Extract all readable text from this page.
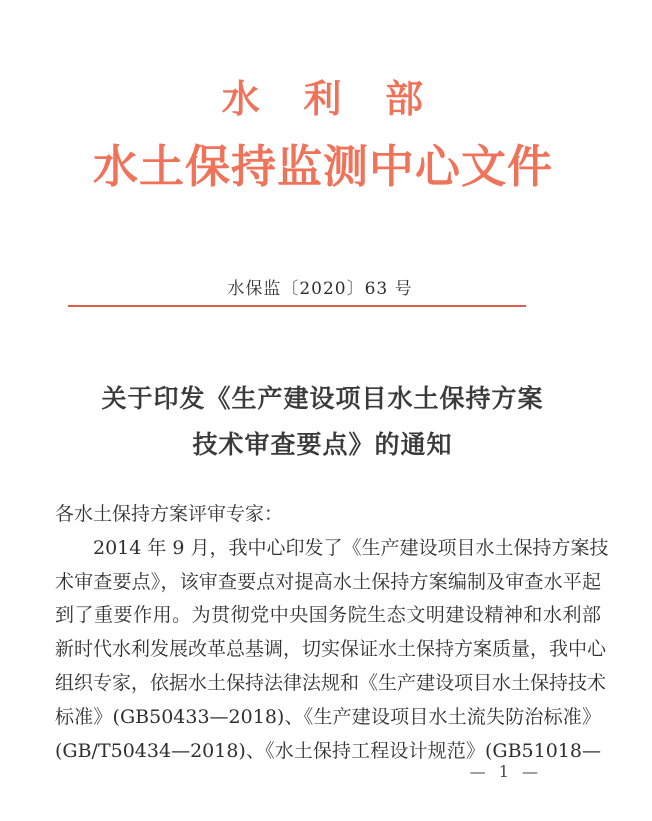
水利部
水土保持监测中心文件
水保监〔2020〕63 号
关于印发《生产建设项目水土保持方案
技术审查要点》的通知
各水土保持方案评审专家：
2014 年 9 月，我中心印发了《生产建设项目水土保持方案技
术审查要点》，该审查要点对提高水土保持方案编制及审查水平起
到了重要作用。为贯彻党中央国务院生态文明建设精神和水利部
新时代水利发展改革总基调，切实保证水土保持方案质量，我中心
组织专家，依据水土保持法律法规和《生产建设项目水土保持技术
标准》(GB50433—2018)、《生产建设项目水土流失防治标准》
(GB/T50434—2018)、《水土保持工程设计规范》(GB51018—
— 1 —
